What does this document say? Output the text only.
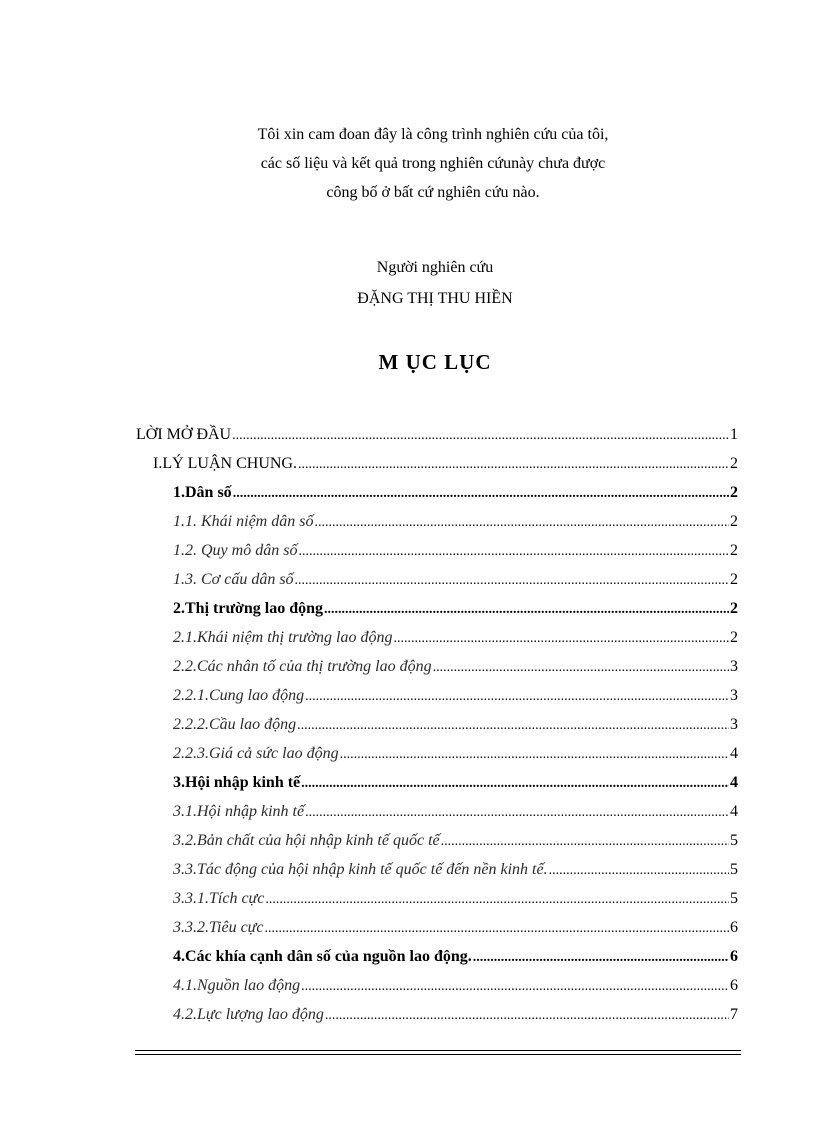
Tôi xin cam đoan đây là công trình nghiên cứu của tôi,
các số liệu và kết quả trong nghiên cứunày chưa được
công bố ở bất cứ nghiên cứu nào.
Người nghiên cứu
ĐẶNG THỊ THU HIỀN
M ỤC LỤC
LỜI MỞ ĐẦU .....	1
I.LÝ LUẬN CHUNG. .....	2
1.Dân số .....	2
1.1. Khái niệm dân số .....	2
1.2. Quy mô dân số .....	2
1.3. Cơ cấu dân số .....	2
2.Thị trường lao động .....	2
2.1.Khái niệm thị trường lao động .....	2
2.2.Các nhân tố của thị trường lao động .....	3
2.2.1.Cung lao động .....	3
2.2.2.Cầu lao động .....	3
2.2.3.Giá cả sức lao động .....	4
3.Hội nhập kinh tế .....	4
3.1.Hội nhập kinh tế .....	4
3.2.Bản chất của hội nhập kinh tế quốc tế .....	5
3.3.Tác động của hội nhập kinh tế quốc tế đến nền kinh tế. .....	5
3.3.1.Tích cực .....	5
3.3.2.Tiêu cực .....	6
4.Các khía cạnh dân số của nguồn lao động. .....	6
4.1.Nguồn lao động .....	6
4.2.Lực lượng lao động .....	7
